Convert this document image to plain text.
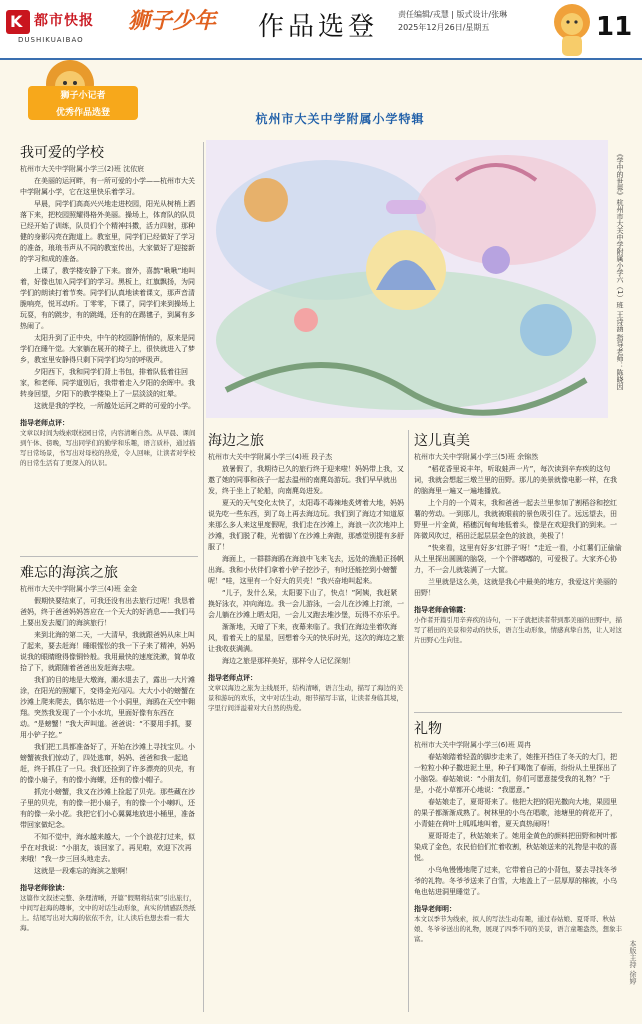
K 都市快报
DUSHIKUAIBAO
狮子少年 作品选登 责任编辑/戎慧 | 版式设计/张琳
2025年12月26日/星期五	11
狮子小记者
优秀作品选登	杭州市大关中学附属小学特辑
我可爱的学校
杭州市大关中学附属小学三(2)班 沈依宸

在美丽的运河畔，有一所可爱的小学——杭州市大关中学附属小学，它在这里快乐着学习。

早晨，同学们高高兴兴地走进校园，阳光从树梢上洒落下来，把校园照耀得格外美丽。操场上，体育队的队员已经开始了训练，队员们个个精神抖擞，活力四射，那种健的身影闪亮在跑道上。教室里，同学们已经做好了学习的准备，琅琅书声从不同的教室传出，大家做好了迎接新的学习和成的准备。

上课了，教学楼安静了下来。窗外，喜鹊“啾啾”地叫着，好像也加入同学们的学习。黑板上，红旗飘扬，为同学们的朗读打着节奏。同学们认真地读着课文，那声音清脆响亮，悦耳动听。丁零零，下课了，同学们来到操场上玩耍，有的跳步，有的跳绳，还有的在踢毽子，到属有多热闹了。

太阳升到了正中央，中午的校园静悄悄的，原来是同学们在睡午觉。大家躺在展开的椅子上，很快就进入了梦乡，教室里安静得只剩下同学们均匀的呼吸声。

夕阳西下，我和同学们背上书包，排着队低着往回家，和老师、同学道别后，我带着走入夕阳的余晖中。我转身回望，夕阳下的教学楼染上了一层淡淡的红晕。

这就是我的学校，一所越处运河之畔的可爱的小学。

指导老师点评：

文章以时间为线索联校园日常，内容清晰自然。从早晨、课间到午休、傍晚，写出同学们的勤学和乐趣，语言质朴，通过描写日常场景，书写出对母校的热爱，令人回味，让读者对学校的日常生活有了更深入的认识。

难忘的海滨之旅
杭州市大关中学附属小学三(4)班 金金

假期快要结束了，可我还没有出去旅行过呢！我恳着爸妈，终于爸爸妈妈答应在一个天大的好消息——我们马上要出发去厦门的海滨旅行！

来到北海的第二天，一大清早，我就跟爸妈从床上叫了起来，要去赶海！睡眼惺忪的我一下子来了精神，妈妈说我的眼睛瞪得像铜铃般。我用最快的速度洗漱，简单收拾了下，就跟随着爸爸出发赶海去啦。

我们的目的地是大墩海，潮水退去了，露出一大片滩涂，在阳光的照耀下，变得金光闪闪。大大小小的螃蟹在沙滩上爬来爬去，偶尔钻进一个小洞里，海鸥在天空中翱翔。突然我发现了一个小水坑，里面好像有东西在动。“是螃蟹！”我大声叫道。爸爸说：“不要用手抓，要用小铲子挖。”

我们把工具都准备好了，开始在沙滩上寻找宝贝。小螃蟹被我们惊动了，四处逃窜，妈妈、爸爸和我一起追赶，终于抓住了一只。我们还捡到了许多漂亮的贝壳，有的像小扇子，有的像小海螺，还有的像小帽子。

抓完小螃蟹，我又在沙滩上捡起了贝壳。那些藏在沙子里的贝壳，有的像一把小扇子，有的像一个小喇叭，还有的像一朵小花。我把它们小心翼翼地放进小桶里，准备带回家做纪念。

不知不觉中，海水越来越大，一个个浪花打过来，似乎在对我说：“小朋友，该回家了。再见啦，欢迎下次再来哦！”我一步三回头地走去。

这就是一段难忘的海滨之旅啊！

指导老师徐读：

这篇作文叙述完整、条理清晰，开篇“假期将结束”引出旅行，中间写赶海的趣事，文中的对话生动形象，真实的情感跃然纸上。结尾写出对大海的依依不舍，让人读后也想去看一看大海。

《学中的世界》杭州市大关中学附属小学六（1）班 王诗涵 指导老师：陈晓因
海边之旅
杭州市大关中学附属小学三(4)班 段子杰

放暑假了，我期待已久的旅行终于迎来啦！妈妈带上我，又邀了她的同事和孩子一起去温州的南麂岛游玩。我们早早就出发，终于坐上了轮船，向南麂岛进发。

夏天的天气变化太快了，太阳毒不毒辣地炙烤着大地，妈妈说先吃一些东西，到了岛上再去海边玩。我们到了海边才知道原来那么多人来这里度假呢，我们走在沙滩上，海浪一次次地冲上沙滩，我们脱了鞋，光着脚丫在沙滩上奔跑，那感觉别提有多舒服了！

海面上，一群群海鸥在海浪中飞来飞去，远处的渔船正扬帆出海。我和小伙伴们拿着小铲子挖沙子，有时还能挖到小螃蟹呢！“哇，这里有一个好大的贝壳！”我兴奋地叫起来。

“儿子，发什么呆，太阳要下山了，快点！”阿姨，我赶紧换好泳衣，冲向海边。我一会儿游泳，一会儿在沙滩上打滚，一会儿躺在沙滩上晒太阳，一会儿又跑去堆沙堡，玩得不亦乐乎。

渐渐地，天暗了下来，夜幕来临了。我们在海边坐着吹海风，看着天上的星星，回想着今天的快乐时光，这次的海边之旅让我收获满满。

海边之旅是那样美好，那样令人记忆深刻！

指导老师点评：

文章以海边之旅为主线展开，结构清晰，语言生动，描写了海边的美景和游玩的欢乐，文中对话生动，细节描写丰富，让读者身临其境，字里行间洋溢着对大自然的热爱。

这儿真美
杭州市大关中学附属小学三(5)班 余锦然

“稻花香里说丰年，听取蛙声一片”，每次读到辛弃疾的这句词，我就会想起三墩兰里的田野。那儿的美景就像电影一样，在我的脑海里一遍又一遍地播放。

上个月的一个周末，我和爸爸一起去兰里参加了割稻谷和挖红薯的劳动。一到那儿，我就被眼前的景色吸引住了。远远望去，田野里一片金黄，稻穗沉甸甸地低着头，像是在欢迎我们的到来。一阵微风吹过，稻田泛起层层金色的波浪，美极了！

“快来看，这里有好多‘红胖子’呀！”走近一看，小红薯们正偷偷从土里探出圆圆的脑袋，一个个胖嘟嘟的，可爱极了。大家齐心协力，不一会儿就装满了一大筐。

兰里就是这么美，这就是我心中最美的地方，我爱这片美丽的田野！

指导老师俞锦霞：

小作者开篇引用辛弃疾的诗句，一下子就把读者带到那美丽的田野中，描写了稻田的美景和劳动的快乐，语言生动形象，情感真挚自然，让人对这片田野心生向往。

礼物
杭州市大关中学附属小学三(6)班 周冉

春姑娘踏着轻盈的脚步走来了，她推开挡住了冬天的大门，把一粒粒小种子撒进泥土里，种子们喝饱了春雨，纷纷从土里探出了小脑袋。春姑娘说：“小朋友们，你们可愿意接受我的礼物？”于是，小花小草都开心地说：“我愿意。”

春姑娘走了，夏哥哥来了。他把大把的阳光撒向大地，果园里的果子都渐渐成熟了。树林里的小鸟在唱歌，池塘里的荷花开了，小青蛙在荷叶上呱呱地叫着，夏天真热闹呀！

夏哥哥走了，秋姑娘来了。她用金黄色的颜料把田野和树叶都染成了金色，农民伯伯们忙着收割，秋姑娘送来的礼物是丰收的喜悦。

小乌龟慢慢地爬了过来，它带着自己的小背包，要去寻找冬爷爷的礼物。冬爷爷送来了白雪，大地盖上了一层厚厚的棉被，小乌龟也钻进洞里睡觉了。

指导老师明：

本文以季节为线索，拟人的写法生动有趣，通过春姑娘、夏哥哥、秋姑娘、冬爷爷送出的礼物，展现了四季不同的美景，语言童趣盎然，想象丰富。

本版主持 徐婷
